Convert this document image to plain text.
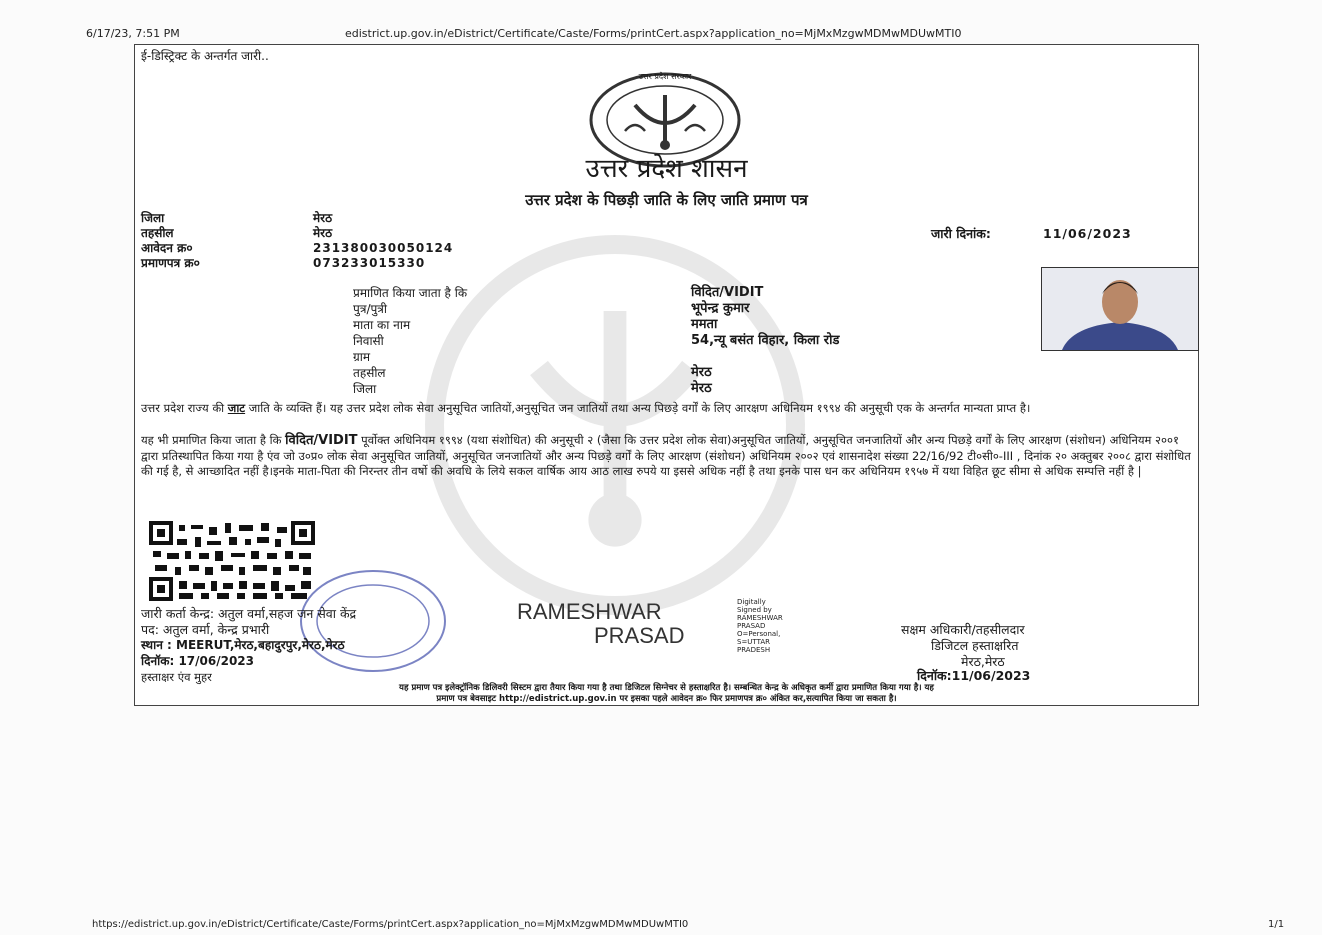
6/17/23, 7:51 PM	edistrict.up.gov.in/eDistrict/Certificate/Caste/Forms/printCert.aspx?application_no=MjMxMzgwMDMwMDUwMTI0
https://edistrict.up.gov.in/eDistrict/Certificate/Caste/Forms/printCert.aspx?application_no=MjMxMzgwMDMwMDUwMTI0	1/1
ई-डिस्ट्रिक्ट के अन्तर्गत जारी..
उत्तर प्रदेश सरकार
उत्तर प्रदेश शासन
उत्तर प्रदेश के पिछड़ी जाति के लिए जाति प्रमाण पत्र
जिला	मेरठ
तहसील	मेरठ
आवेदन क्र०	231380030050124
प्रमाणपत्र क्र०	073233015330
जारी दिनांक:	11/06/2023
प्रमाणित किया जाता है कि	विदित/VIDIT
पुत्र/पुत्री	भूपेन्द्र कुमार
माता का नाम	ममता
निवासी	54,न्यू बसंत विहार, किला रोड
ग्राम
तहसील	मेरठ
जिला	मेरठ
उत्तर प्रदेश राज्य की जाट जाति के व्यक्ति हैं। यह उत्तर प्रदेश लोक सेवा अनुसूचित जातियों,अनुसूचित जन जातियों तथा अन्य पिछड़े वर्गों के लिए आरक्षण अधिनियम १९९४ की अनुसूची एक के अन्तर्गत मान्यता प्राप्त है।
यह भी प्रमाणित किया जाता है कि विदित/VIDIT पूर्वोक्त अधिनियम १९९४ (यथा संशोधित) की अनुसूची २ (जैसा कि उत्तर प्रदेश लोक सेवा)अनुसूचित जातियों, अनुसूचित जनजातियों और अन्य पिछड़े वर्गों के लिए आरक्षण (संशोधन) अधिनियम २००१ द्वारा प्रतिस्थापित किया गया है एंव जो उ०प्र० लोक सेवा अनुसूचित जातियों, अनुसूचित जनजातियों और अन्य पिछड़े वर्गों के लिए आरक्षण (संशोधन) अधिनियम २००२ एवं शासनादेश संख्या 22/16/92 टी०सी०-III , दिनांक २० अक्तुबर २००८ द्वारा संशोधित की गई है, से आच्छादित नहीं है।इनके माता-पिता की निरन्तर तीन वर्षो की अवधि के लिये सकल वार्षिक आय आठ लाख रुपये या इससे अधिक नहीं है तथा इनके पास धन कर अधिनियम १९५७ में यथा विहित छूट सीमा से अधिक सम्पत्ति नहीं है |
जारी कर्ता केन्द्र: अतुल वर्मा,सहज जन सेवा केंद्र
पद: अतुल वर्मा, केन्द्र प्रभारी
स्थान : MEERUT,मेरठ,बहादुरपुर,मेरठ,मेरठ
दिनॉक: 17/06/2023
हस्ताक्षर एंव मुहर
RAMESHWAR
PRASAD
Digitally
Signed by
RAMESHWAR
PRASAD
O=Personal,
S=UTTAR
PRADESH
सक्षम अधिकारी/तहसीलदार
डिजिटल हस्ताक्षरित
मेरठ,मेरठ
दिनॉक:11/06/2023
यह प्रमाण पत्र इलेक्ट्रॉनिक डिलिवरी सिस्टम द्वारा तैयार किया गया है तथा डिजिटल सिग्नेचर से हस्ताक्षरित है। सम्बन्धित केन्द्र के अधिकृत कर्मी द्वारा प्रमाणित किया गया है। यह
प्रमाण पत्र बेवसाइट http://edistrict.up.gov.in पर इसका पहले आवेदन क्र० फिर प्रमाणपत्र क्र० अंकित कर,सत्यापित किया जा सकता है।
